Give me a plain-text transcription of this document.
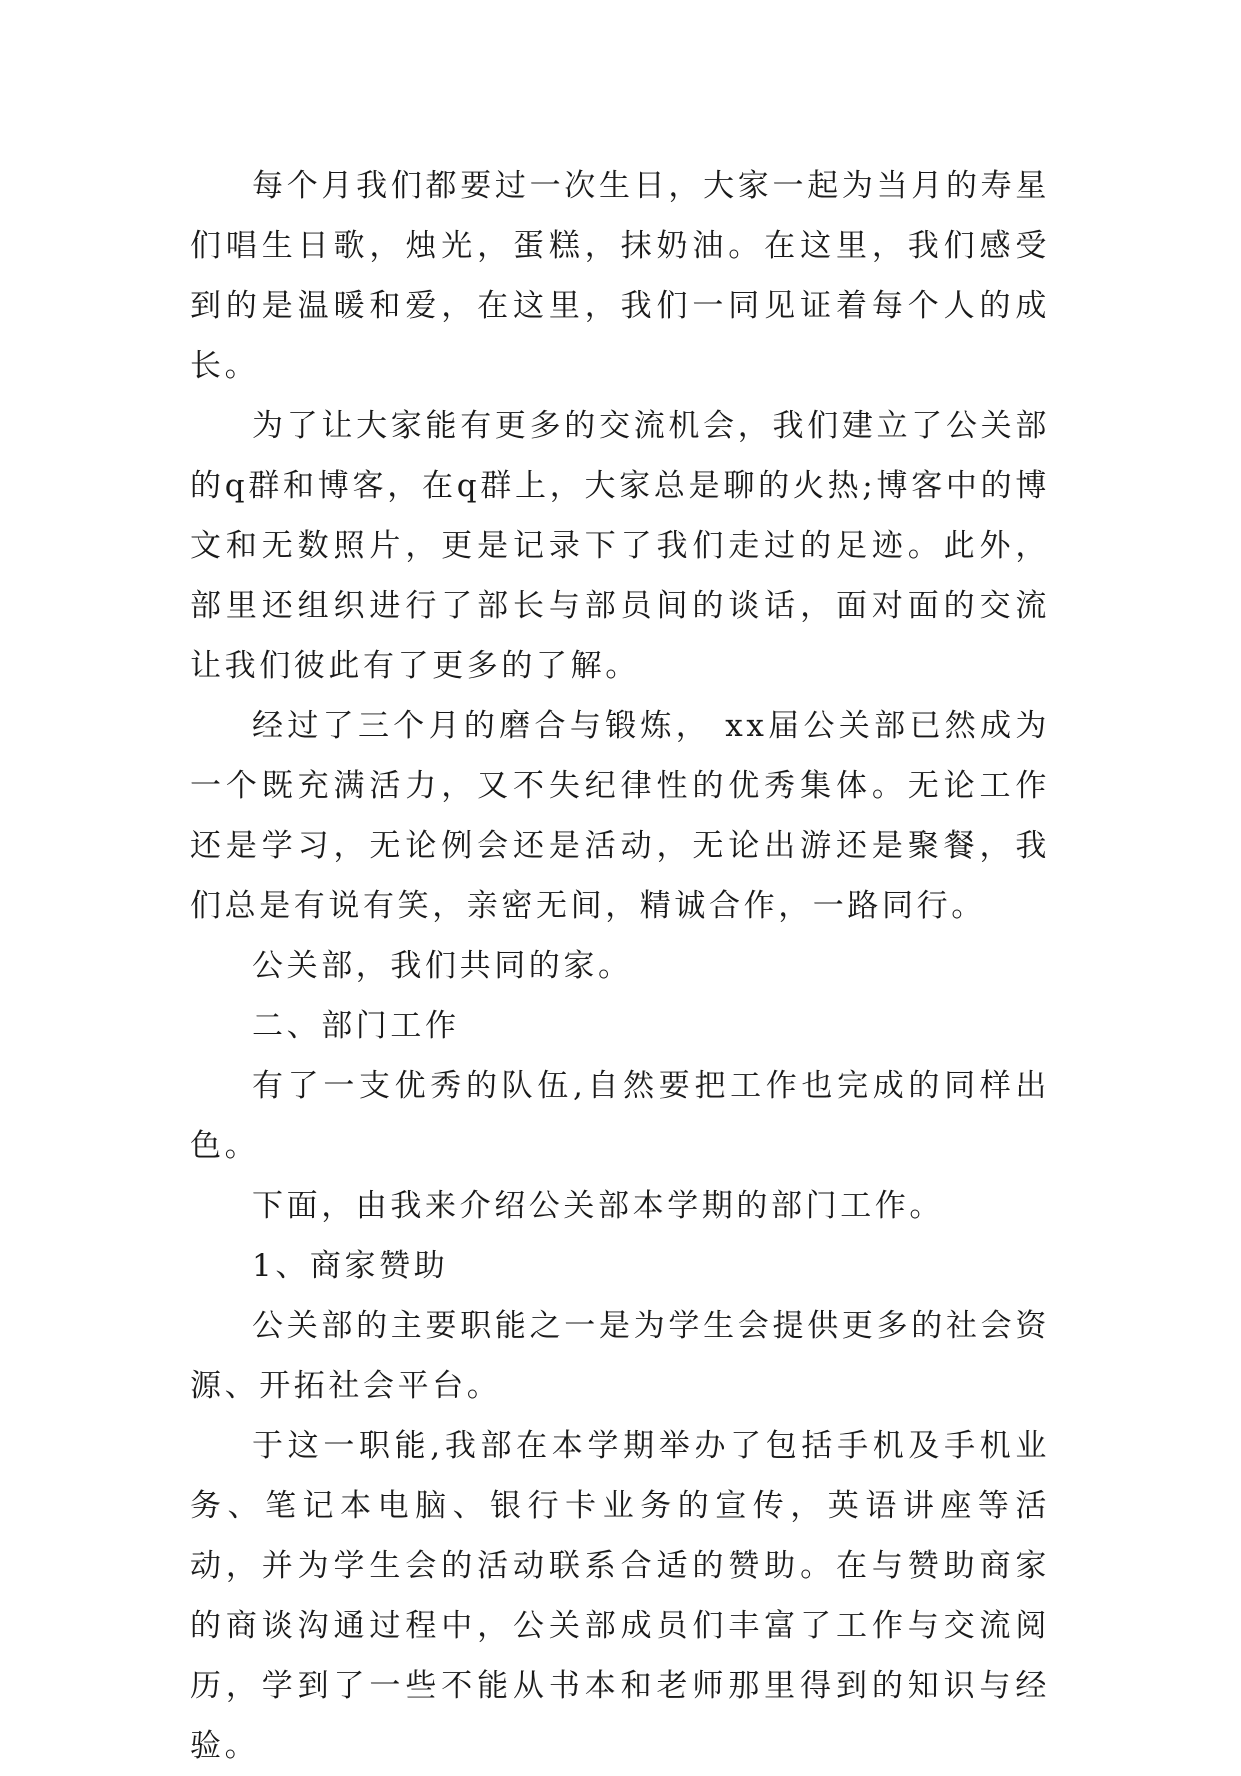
每个月我们都要过一次生日，大家一起为当月的寿星们唱生日歌，烛光，蛋糕，抹奶油。在这里，我们感受到的是温暖和爱，在这里，我们一同见证着每个人的成长。

为了让大家能有更多的交流机会，我们建立了公关部的q群和博客，在q群上，大家总是聊的火热;博客中的博文和无数照片，更是记录下了我们走过的足迹。此外，部里还组织进行了部长与部员间的谈话，面对面的交流让我们彼此有了更多的了解。

经过了三个月的磨合与锻炼， xx届公关部已然成为一个既充满活力，又不失纪律性的优秀集体。无论工作还是学习，无论例会还是活动，无论出游还是聚餐，我们总是有说有笑，亲密无间，精诚合作，一路同行。

公关部，我们共同的家。

二、部门工作

有了一支优秀的队伍,自然要把工作也完成的同样出色。

下面，由我来介绍公关部本学期的部门工作。

1、商家赞助

公关部的主要职能之一是为学生会提供更多的社会资源、开拓社会平台。

于这一职能,我部在本学期举办了包括手机及手机业务、笔记本电脑、银行卡业务的宣传，英语讲座等活动，并为学生会的活动联系合适的赞助。在与赞助商家的商谈沟通过程中，公关部成员们丰富了工作与交流阅历，学到了一些不能从书本和老师那里得到的知识与经验。
